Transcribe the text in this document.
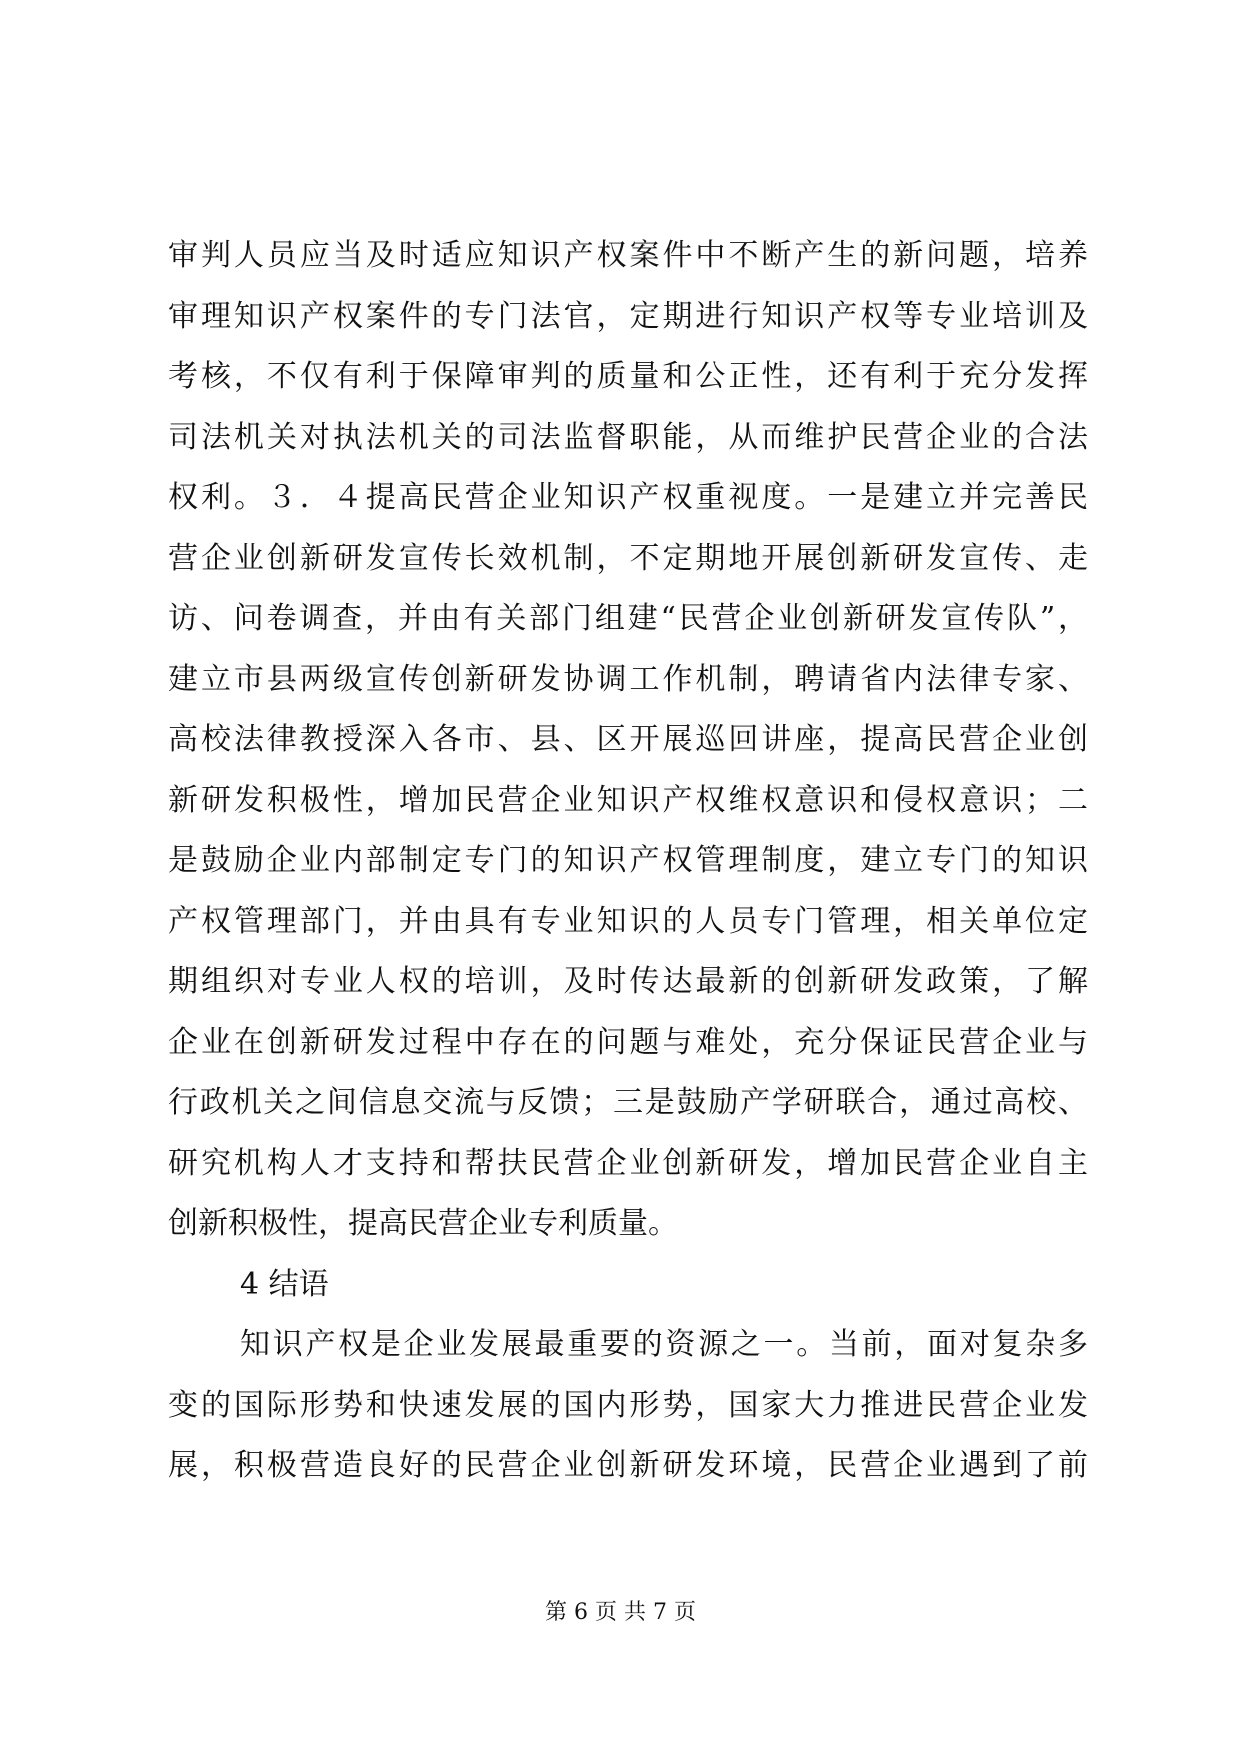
审判人员应当及时适应知识产权案件中不断产生的新问题，培养
审理知识产权案件的专门法官，定期进行知识产权等专业培训及
考核，不仅有利于保障审判的质量和公正性，还有利于充分发挥
司法机关对执法机关的司法监督职能，从而维护民营企业的合法
权利。３．４提高民营企业知识产权重视度。一是建立并完善民
营企业创新研发宣传长效机制，不定期地开展创新研发宣传、走
访、问卷调查，并由有关部门组建“民营企业创新研发宣传队”，
建立市县两级宣传创新研发协调工作机制，聘请省内法律专家、
高校法律教授深入各市、县、区开展巡回讲座，提高民营企业创
新研发积极性，增加民营企业知识产权维权意识和侵权意识；二
是鼓励企业内部制定专门的知识产权管理制度，建立专门的知识
产权管理部门，并由具有专业知识的人员专门管理，相关单位定
期组织对专业人权的培训，及时传达最新的创新研发政策，了解
企业在创新研发过程中存在的问题与难处，充分保证民营企业与
行政机关之间信息交流与反馈；三是鼓励产学研联合，通过高校、
研究机构人才支持和帮扶民营企业创新研发，增加民营企业自主
创新积极性，提高民营企业专利质量。
4 结语
知识产权是企业发展最重要的资源之一。当前，面对复杂多
变的国际形势和快速发展的国内形势，国家大力推进民营企业发
展，积极营造良好的民营企业创新研发环境，民营企业遇到了前
第 6 页 共 7 页
